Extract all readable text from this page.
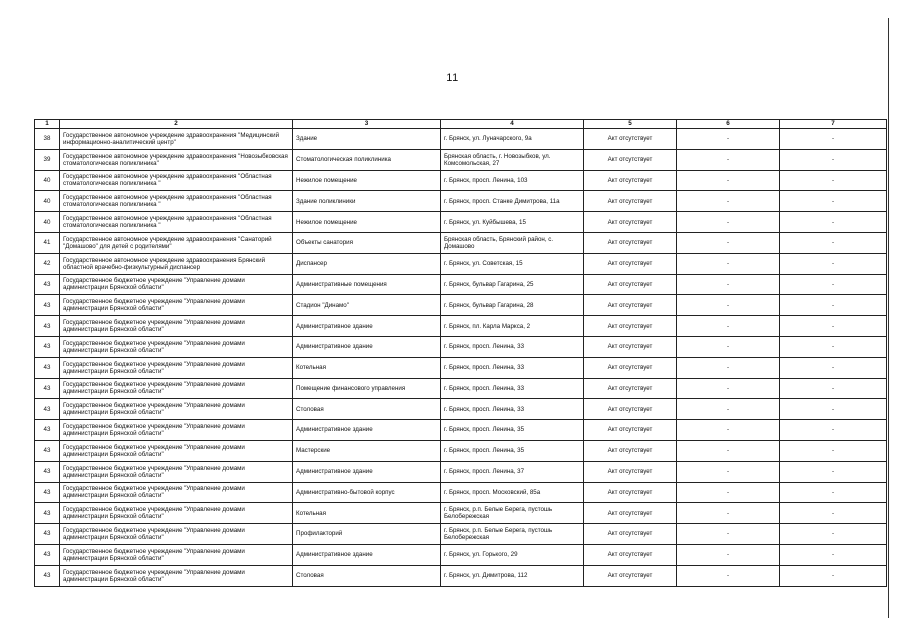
11
1	2	3	4	5	6	7
38	Государственное автономное учреждение здравоохранения "Медицинский информационно-аналитический центр"	Здание	г. Брянск, ул. Луначарского, 9а	Акт отсутствует	-	-
39	Государственное автономное учреждение здравоохранения "Новозыбковская стоматологическая поликлиника"	Стоматологическая поликлиника	Брянская область, г. Новозыбков, ул. Комсомольская, 27	Акт отсутствует	-	-
40	Государственное автономное учреждение здравоохранения "Областная стоматологическая поликлиника "	Нежилое помещение	г. Брянск, просп. Ленина, 103	Акт отсутствует	-	-
40	Государственное автономное учреждение здравоохранения "Областная стоматологическая поликлиника "	Здание поликлиники	г. Брянск, просп. Станке Димитрова, 11а	Акт отсутствует	-	-
40	Государственное автономное учреждение здравоохранения "Областная стоматологическая поликлиника "	Нежилое помещение	г. Брянск, ул. Куйбышева, 15	Акт отсутствует	-	-
41	Государственное автономное учреждение здравоохранения "Санаторий "Домашово" для детей с родителями"	Объекты санатория	Брянская область, Брянский район, с. Домашово	Акт отсутствует	-	-
42	Государственное автономное учреждение здравоохранения Брянский областной врачебно-физкультурный диспансер	Диспансер	г. Брянск, ул. Советская, 15	Акт отсутствует	-	-
43	Государственное бюджетное учреждение "Управление домами администрации Брянской области"	Административные помещения	г. Брянск, бульвар Гагарина, 25	Акт отсутствует	-	-
43	Государственное бюджетное учреждение "Управление домами администрации Брянской области"	Стадион "Динамо"	г. Брянск, бульвар Гагарина, 28	Акт отсутствует	-	-
43	Государственное бюджетное учреждение "Управление домами администрации Брянской области"	Административное здание	г. Брянск, пл. Карла Маркса, 2	Акт отсутствует	-	-
43	Государственное бюджетное учреждение "Управление домами администрации Брянской области"	Административное здание	г. Брянск, просп. Ленина, 33	Акт отсутствует	-	-
43	Государственное бюджетное учреждение "Управление домами администрации Брянской области"	Котельная	г. Брянск, просп. Ленина, 33	Акт отсутствует	-	-
43	Государственное бюджетное учреждение "Управление домами администрации Брянской области"	Помещение финансового управления	г. Брянск, просп. Ленина, 33	Акт отсутствует	-	-
43	Государственное бюджетное учреждение "Управление домами администрации Брянской области"	Столовая	г. Брянск, просп. Ленина, 33	Акт отсутствует	-	-
43	Государственное бюджетное учреждение "Управление домами администрации Брянской области"	Административное здание	г. Брянск, просп. Ленина, 35	Акт отсутствует	-	-
43	Государственное бюджетное учреждение "Управление домами администрации Брянской области"	Мастерские	г. Брянск, просп. Ленина, 35	Акт отсутствует	-	-
43	Государственное бюджетное учреждение "Управление домами администрации Брянской области"	Административное здание	г. Брянск, просп. Ленина, 37	Акт отсутствует	-	-
43	Государственное бюджетное учреждение "Управление домами администрации Брянской области"	Административно-бытовой корпус	г. Брянск, просп. Московский, 85а	Акт отсутствует	-	-
43	Государственное бюджетное учреждение "Управление домами администрации Брянской области"	Котельная	г. Брянск, р.п. Белые Берега, пустошь Белобережская	Акт отсутствует	-	-
43	Государственное бюджетное учреждение "Управление домами администрации Брянской области"	Профилакторий	г. Брянск, р.п. Белые Берега, пустошь Белобережская	Акт отсутствует	-	-
43	Государственное бюджетное учреждение "Управление домами администрации Брянской области"	Административное здание	г. Брянск, ул. Горького, 29	Акт отсутствует	-	-
43	Государственное бюджетное учреждение "Управление домами администрации Брянской области"	Столовая	г. Брянск, ул. Димитрова, 112	Акт отсутствует	-	-
